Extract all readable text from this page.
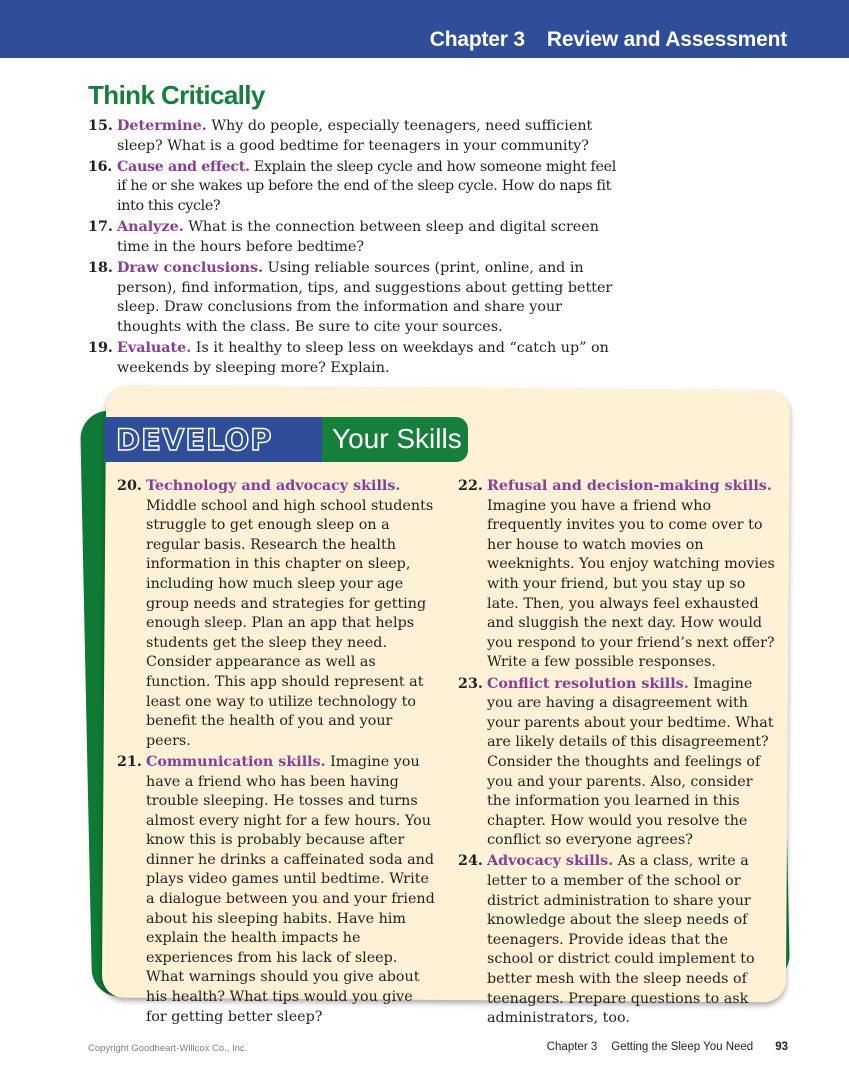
Chapter 3 Review and Assessment
Think Critically
15. Determine. Why do people, especially teenagers, need sufficient sleep? What is a good bedtime for teenagers in your community?
16. Cause and effect. Explain the sleep cycle and how someone might feel if he or she wakes up before the end of the sleep cycle. How do naps fit into this cycle?
17. Analyze. What is the connection between sleep and digital screen time in the hours before bedtime?
18. Draw conclusions. Using reliable sources (print, online, and in person), find information, tips, and suggestions about getting better sleep. Draw conclusions from the information and share your thoughts with the class. Be sure to cite your sources.
19. Evaluate. Is it healthy to sleep less on weekdays and “catch up” on weekends by sleeping more? Explain.
DEVELOP Your Skills
20. Technology and advocacy skills. Middle school and high school students struggle to get enough sleep on a regular basis. Research the health information in this chapter on sleep, including how much sleep your age group needs and strategies for getting enough sleep. Plan an app that helps students get the sleep they need. Consider appearance as well as function. This app should represent at least one way to utilize technology to benefit the health of you and your peers.
21. Communication skills. Imagine you have a friend who has been having trouble sleeping. He tosses and turns almost every night for a few hours. You know this is probably because after dinner he drinks a caffeinated soda and plays video games until bedtime. Write a dialogue between you and your friend about his sleeping habits. Have him explain the health impacts he experiences from his lack of sleep. What warnings should you give about his health? What tips would you give for getting better sleep?
22. Refusal and decision-making skills. Imagine you have a friend who frequently invites you to come over to her house to watch movies on weeknights. You enjoy watching movies with your friend, but you stay up so late. Then, you always feel exhausted and sluggish the next day. How would you respond to your friend’s next offer? Write a few possible responses.
23. Conflict resolution skills. Imagine you are having a disagreement with your parents about your bedtime. What are likely details of this disagreement? Consider the thoughts and feelings of you and your parents. Also, consider the information you learned in this chapter. How would you resolve the conflict so everyone agrees?
24. Advocacy skills. As a class, write a letter to a member of the school or district administration to share your knowledge about the sleep needs of teenagers. Provide ideas that the school or district could implement to better mesh with the sleep needs of teenagers. Prepare questions to ask administrators, too.
Copyright Goodheart-Willcox Co., Inc.	Chapter 3 Getting the Sleep You Need 93
